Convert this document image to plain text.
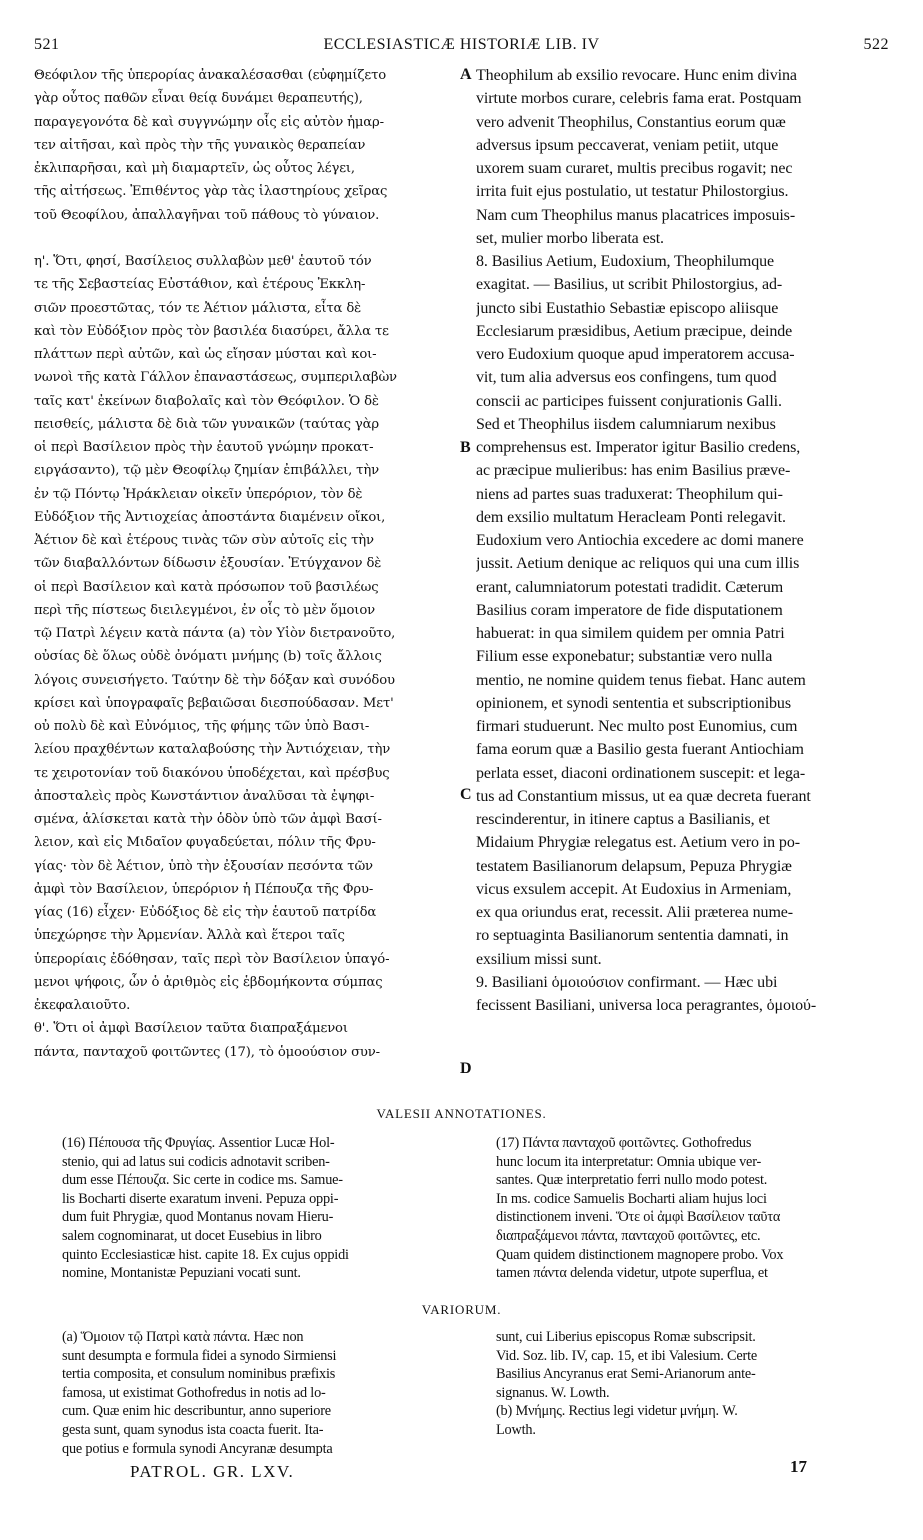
521	ECCLESIASTICÆ HISTORIÆ LIB. IV	522
Θεόφιλον τῆς ὑπερορίας ἀνακαλέσασθαι (εὐφημίζετο
γὰρ οὗτος παθῶν εἶναι θείᾳ δυνάμει θεραπευτής),
παραγεγονότα δὲ καὶ συγγνώμην οἷς εἰς αὐτὸν ἡμαρ-
τεν αἰτῆσαι, καὶ πρὸς τὴν τῆς γυναικὸς θεραπείαν
ἐκλιπαρῆσαι, καὶ μὴ διαμαρτεῖν, ὡς οὗτος λέγει,
τῆς αἰτήσεως. Ἐπιθέντος γὰρ τὰς ἱλαστηρίους χεῖρας
τοῦ Θεοφίλου, ἀπαλλαγῆναι τοῦ πάθους τὸ γύναιον.

η'. Ὅτι, φησί, Βασίλειος συλλαβὼν μεθ' ἑαυτοῦ τόν
τε τῆς Σεβαστείας Εὐστάθιον, καὶ ἑτέρους Ἐκκλη-
σιῶν προεστῶτας, τόν τε Ἀέτιον μάλιστα, εἶτα δὲ
καὶ τὸν Εὐδόξιον πρὸς τὸν βασιλέα διασύρει, ἄλλα τε
πλάττων περὶ αὐτῶν, καὶ ὡς εἴησαν μύσται καὶ κοι-
νωνοὶ τῆς κατὰ Γάλλον ἐπαναστάσεως, συμπεριλαβὼν
ταῖς κατ' ἐκείνων διαβολαῖς καὶ τὸν Θεόφιλον. Ὁ δὲ
πεισθείς, μάλιστα δὲ διὰ τῶν γυναικῶν (ταύτας γὰρ
οἱ περὶ Βασίλειον πρὸς τὴν ἑαυτοῦ γνώμην προκατ-
ειργάσαντο), τῷ μὲν Θεοφίλῳ ζημίαν ἐπιβάλλει, τὴν
ἐν τῷ Πόντῳ Ἡράκλειαν οἰκεῖν ὑπερόριον, τὸν δὲ
Εὐδόξιον τῆς Ἀντιοχείας ἀποστάντα διαμένειν οἴκοι,
Ἀέτιον δὲ καὶ ἑτέρους τινὰς τῶν σὺν αὐτοῖς εἰς τὴν
τῶν διαβαλλόντων δίδωσιν ἐξουσίαν. Ἐτύγχανον δὲ
οἱ περὶ Βασίλειον καὶ κατὰ πρόσωπον τοῦ βασιλέως
περὶ τῆς πίστεως διειλεγμένοι, ἐν οἷς τὸ μὲν ὅμοιον
τῷ Πατρὶ λέγειν κατὰ πάντα (a) τὸν Υἱὸν διετρανοῦτο,
οὐσίας δὲ ὅλως οὐδὲ ὀνόματι μνήμης (b) τοῖς ἄλλοις
λόγοις συνεισήγετο. Ταύτην δὲ τὴν δόξαν καὶ συνόδου
κρίσει καὶ ὑπογραφαῖς βεβαιῶσαι διεσπούδασαν. Μετ'
οὐ πολὺ δὲ καὶ Εὐνόμιος, τῆς φήμης τῶν ὑπὸ Βασι-
λείου πραχθέντων καταλαβούσης τὴν Ἀντιόχειαν, τὴν
τε χειροτονίαν τοῦ διακόνου ὑποδέχεται, καὶ πρέσβυς
ἀποσταλεὶς πρὸς Κωνστάντιον ἀναλῦσαι τὰ ἐψηφι-
σμένα, ἁλίσκεται κατὰ τὴν ὁδὸν ὑπὸ τῶν ἀμφὶ Βασί-
λειον, καὶ εἰς Μιδαῖον φυγαδεύεται, πόλιν τῆς Φρυ-
γίας· τὸν δὲ Ἀέτιον, ὑπὸ τὴν ἐξουσίαν πεσόντα τῶν
ἀμφὶ τὸν Βασίλειον, ὑπερόριον ἡ Πέπουζα τῆς Φρυ-
γίας (16) εἶχεν· Εὐδόξιος δὲ εἰς τὴν ἑαυτοῦ πατρίδα
ὑπεχώρησε τὴν Ἀρμενίαν. Ἀλλὰ καὶ ἕτεροι ταῖς
ὑπερορίαις ἐδόθησαν, ταῖς περὶ τὸν Βασίλειον ὑπαγό-
μενοι ψήφοις, ὧν ὁ ἀριθμὸς εἰς ἑβδομήκοντα σύμπας
ἐκεφαλαιοῦτο.
θ'. Ὅτι οἱ ἀμφὶ Βασίλειον ταῦτα διαπραξάμενοι
πάντα, πανταχοῦ φοιτῶντες (17), τὸ ὁμοούσιον συν-
Theophilum ab exsilio revocare. Hunc enim divina
virtute morbos curare, celebris fama erat. Postquam
vero advenit Theophilus, Constantius eorum quæ
adversus ipsum peccaverat, veniam petiit, utque
uxorem suam curaret, multis precibus rogavit; nec
irrita fuit ejus postulatio, ut testatur Philostorgius.
Nam cum Theophilus manus placatrices imposuis-
set, mulier morbo liberata est.
8. Basilius Aetium, Eudoxium, Theophilumque
exagitat. — Basilius, ut scribit Philostorgius, ad-
juncto sibi Eustathio Sebastiæ episcopo aliisque
Ecclesiarum præsidibus, Aetium præcipue, deinde
vero Eudoxium quoque apud imperatorem accusa-
vit, tum alia adversus eos confingens, tum quod
conscii ac participes fuissent conjurationis Galli.
Sed et Theophilus iisdem calumniarum nexibus
comprehensus est. Imperator igitur Basilio credens,
ac præcipue mulieribus: has enim Basilius præve-
niens ad partes suas traduxerat: Theophilum qui-
dem exsilio multatum Heracleam Ponti relegavit.
Eudoxium vero Antiochia excedere ac domi manere
jussit. Aetium denique ac reliquos qui una cum illis
erant, calumniatorum potestati tradidit. Cæterum
Basilius coram imperatore de fide disputationem
habuerat: in qua similem quidem per omnia Patri
Filium esse exponebatur; substantiæ vero nulla
mentio, ne nomine quidem tenus fiebat. Hanc autem
opinionem, et synodi sententia et subscriptionibus
firmari studuerunt. Nec multo post Eunomius, cum
fama eorum quæ a Basilio gesta fuerant Antiochiam
perlata esset, diaconi ordinationem suscepit: et lega-
tus ad Constantium missus, ut ea quæ decreta fuerant
rescinderentur, in itinere captus a Basilianis, et
Midaium Phrygiæ relegatus est. Aetium vero in po-
testatem Basilianorum delapsum, Pepuza Phrygiæ
vicus exsulem accepit. At Eudoxius in Armeniam,
ex qua oriundus erat, recessit. Alii præterea nume-
ro septuaginta Basilianorum sententia damnati, in
exsilium missi sunt.
9. Basiliani ὁμοιούσιον confirmant. — Hæc ubi
fecissent Basiliani, universa loca peragrantes, ὁμοιού-
A
B
C
D
VALESII ANNOTATIONES.
(16) Πέπουσα τῆς Φρυγίας. Assentior Lucæ Hol-
stenio, qui ad latus sui codicis adnotavit scriben-
dum esse Πέπουζα. Sic certe in codice ms. Samue-
lis Bocharti diserte exaratum inveni. Pepuza oppi-
dum fuit Phrygiæ, quod Montanus novam Hieru-
salem cognominarat, ut docet Eusebius in libro
quinto Ecclesiasticæ hist. capite 18. Ex cujus oppidi
nomine, Montanistæ Pepuziani vocati sunt.
(17) Πάντα πανταχοῦ φοιτῶντες. Gothofredus
hunc locum ita interpretatur: Omnia ubique ver-
santes. Quæ interpretatio ferri nullo modo potest.
In ms. codice Samuelis Bocharti aliam hujus loci
distinctionem inveni. Ὅτε οἱ ἀμφὶ Βασίλειον ταῦτα
διαπραξάμενοι πάντα, πανταχοῦ φοιτῶντες, etc.
Quam quidem distinctionem magnopere probo. Vox
tamen πάντα delenda videtur, utpote superflua, et
VARIORUM.
(a) Ὅμοιον τῷ Πατρὶ κατὰ πάντα. Hæc non
sunt desumpta e formula fidei a synodo Sirmiensi
tertia composita, et consulum nominibus præfixis
famosa, ut existimat Gothofredus in notis ad lo-
cum. Quæ enim hic describuntur, anno superiore
gesta sunt, quam synodus ista coacta fuerit. Ita-
que potius e formula synodi Ancyranæ desumpta
sunt, cui Liberius episcopus Romæ subscripsit.
Vid. Soz. lib. IV, cap. 15, et ibi Valesium. Certe
Basilius Ancyranus erat Semi-Arianorum ante-
signanus. W. Lowth.
(b) Μνήμης. Rectius legi videtur μνήμη. W.
Lowth.
PATROL. GR. LXV.	17
